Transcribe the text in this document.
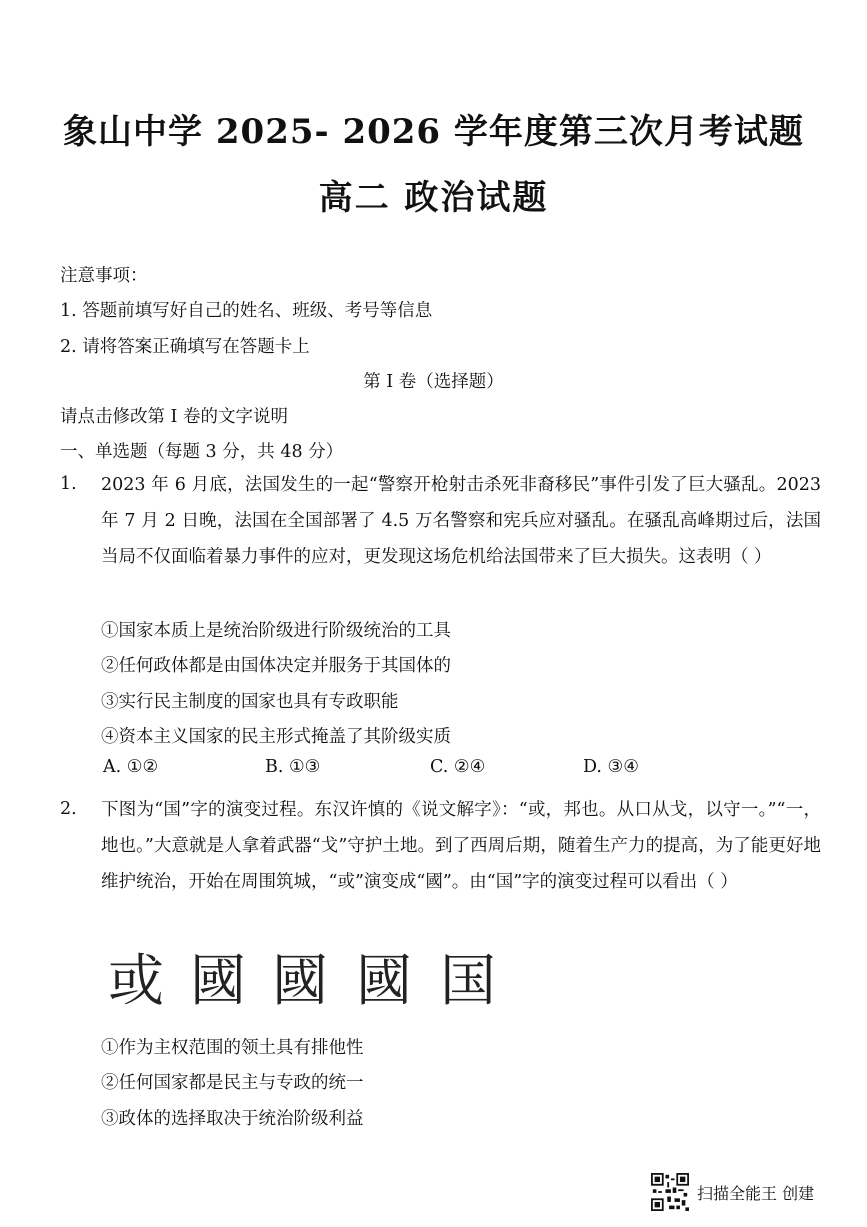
象山中学 2025- 2026 学年度第三次月考试题
高二 政治试题
注意事项：
1. 答题前填写好自己的姓名、班级、考号等信息
2. 请将答案正确填写在答题卡上
第 I 卷（选择题）
请点击修改第 I 卷的文字说明
一、单选题（每题 3 分，共 48 分）
1. 2023 年 6 月底，法国发生的一起“警察开枪射击杀死非裔移民”事件引发了巨大骚乱。2023 年 7 月 2 日晚，法国在全国部署了 4.5 万名警察和宪兵应对骚乱。在骚乱高峰期过后，法国当局不仅面临着暴力事件的应对，更发现这场危机给法国带来了巨大损失。这表明（ ）
①国家本质上是统治阶级进行阶级统治的工具
②任何政体都是由国体决定并服务于其国体的
③实行民主制度的国家也具有专政职能
④资本主义国家的民主形式掩盖了其阶级实质
A. ①②	B. ①③	C. ②④	D. ③④
2. 下图为“国”字的演变过程。东汉许慎的《说文解字》：“或，邦也。从口从戈，以守一。”“一，地也。”大意就是人拿着武器“戈”守护土地。到了西周后期，随着生产力的提高，为了能更好地维护统治，开始在周围筑城，“或”演变成“國”。由“国”字的演变过程可以看出（ ）
或 國 國 國 国
①作为主权范围的领土具有排他性
②任何国家都是民主与专政的统一
③政体的选择取决于统治阶级利益
扫描全能王 创建
